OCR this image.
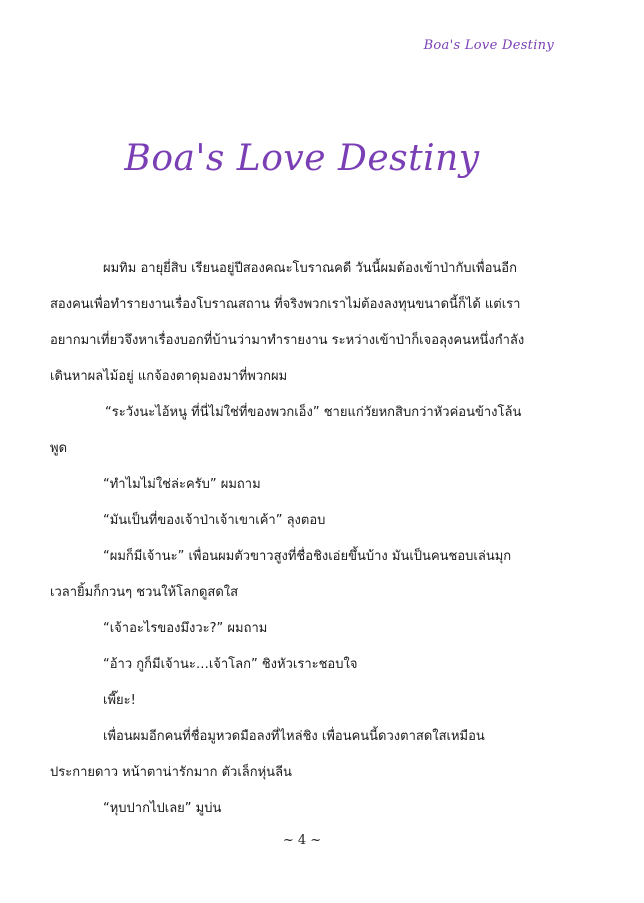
Boa's Love Destiny
Boa's Love Destiny
ผมทิม อายุยี่สิบ เรียนอยู่ปีสองคณะโบราณคดี วันนี้ผมต้องเข้าป่ากับเพื่อนอีก
สองคนเพื่อทำรายงานเรื่องโบราณสถาน ที่จริงพวกเราไม่ต้องลงทุนขนาดนี้ก็ได้ แต่เรา
อยากมาเที่ยวจึงหาเรื่องบอกที่บ้านว่ามาทำรายงาน ระหว่างเข้าป่าก็เจอลุงคนหนึ่งกำลัง
เดินหาผลไม้อยู่ แกจ้องตาดุมองมาที่พวกผม
“ระวังนะไอ้หนู ที่นี่ไม่ใช่ที่ของพวกเอ็ง” ชายแก่วัยหกสิบกว่าหัวค่อนข้างโล้น
พูด
“ทำไมไม่ใช่ล่ะครับ” ผมถาม
“มันเป็นที่ของเจ้าป่าเจ้าเขาเค้า” ลุงตอบ
“ผมก็มีเจ้านะ” เพื่อนผมตัวขาวสูงที่ชื่อชิงเอ่ยขึ้นบ้าง มันเป็นคนชอบเล่นมุก
เวลายิ้มก็กวนๆ ชวนให้โลกดูสดใส
“เจ้าอะไรของมึงวะ?” ผมถาม
“อ้าว กูก็มีเจ้านะ…เจ้าโลก” ชิงหัวเราะชอบใจ
เพี๊ยะ!
เพื่อนผมอีกคนที่ชื่อมูหวดมือลงที่ไหล่ชิง เพื่อนคนนี้ดวงตาสดใสเหมือน
ประกายดาว หน้าตาน่ารักมาก ตัวเล็กหุ่นลีน
“หุบปากไปเลย” มูบ่น
~ 4 ~
